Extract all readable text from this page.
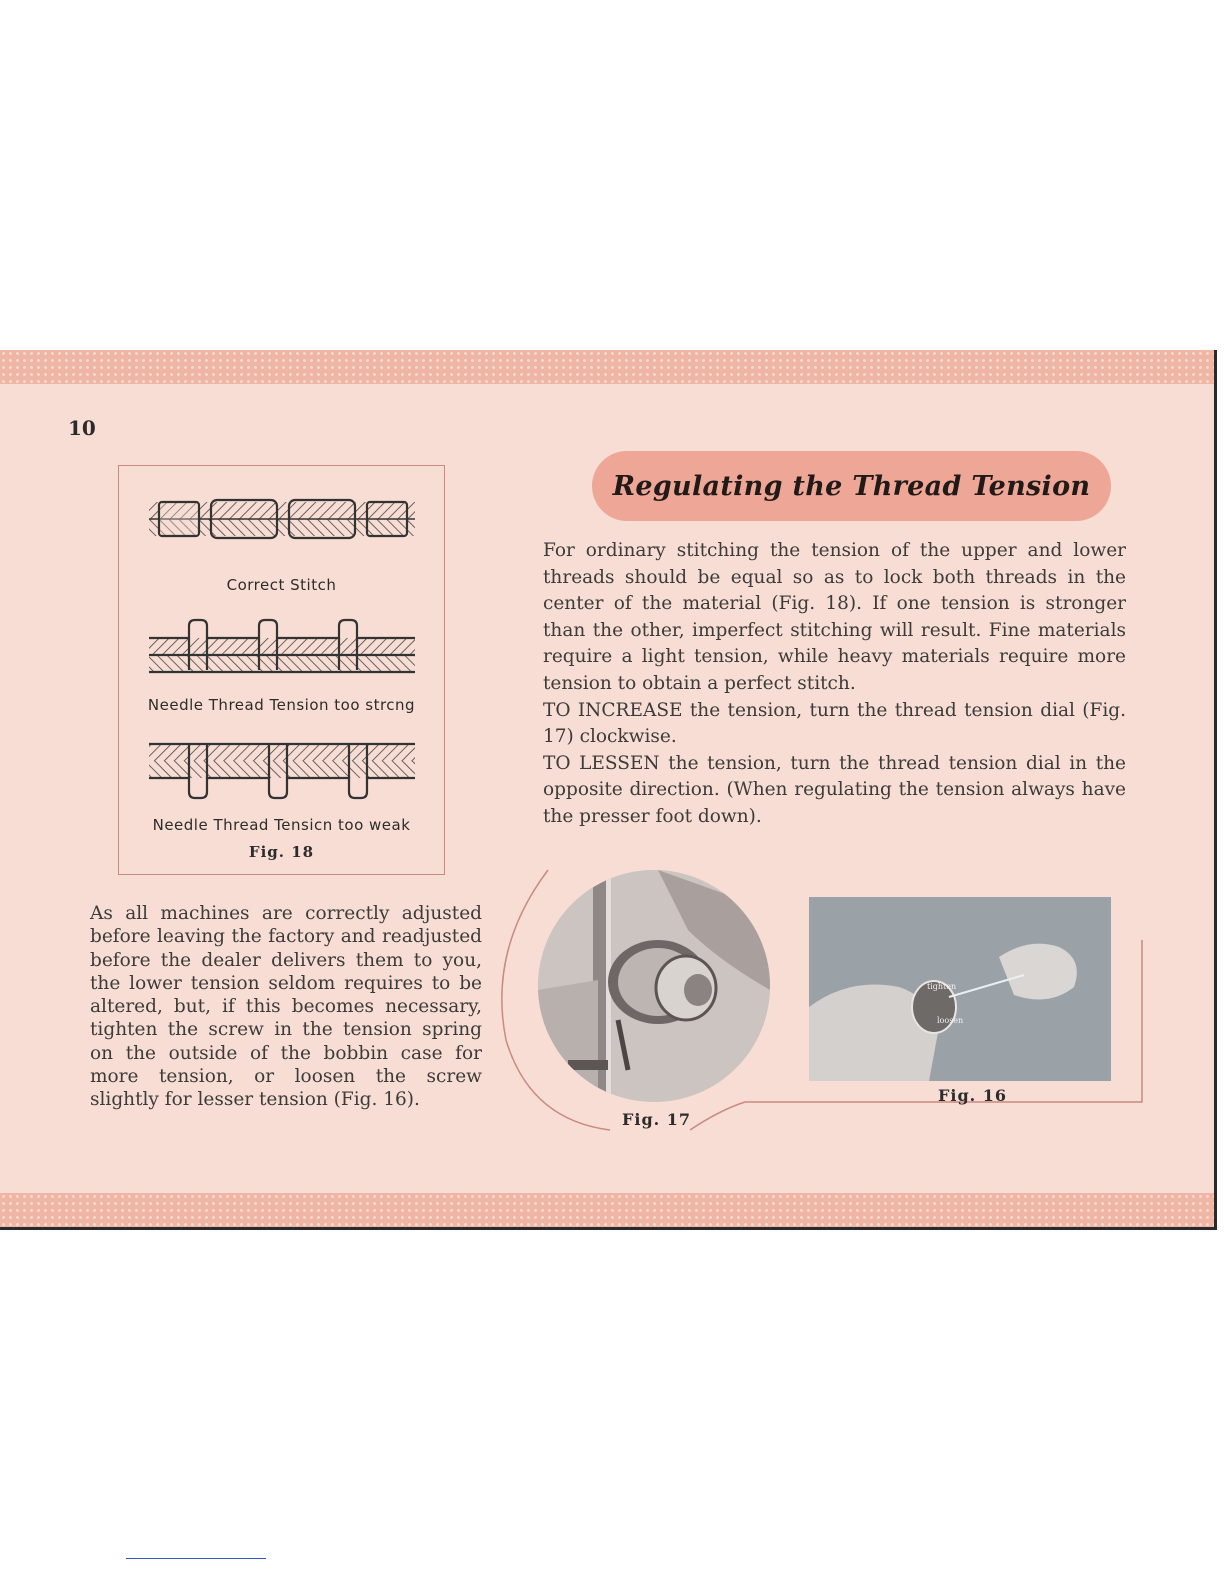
10
Correct Stitch
Needle Thread Tension too strcng
Needle Thread Tensicn too weak
Fig. 18
Regulating the Thread Tension

For ordinary stitching the tension of the upper and lower threads should be equal so as to lock both threads in the center of the material (Fig. 18). If one tension is stronger than the other, imperfect stitching will result. Fine materials require a light tension, while heavy materials require more tension to obtain a perfect stitch.

TO INCREASE the tension, turn the thread tension dial (Fig. 17) clockwise.

TO LESSEN the tension, turn the thread tension dial in the opposite direction. (When regulating the tension always have the presser foot down).

As all machines are correctly adjusted before leaving the factory and readjusted before the dealer delivers them to you, the lower tension seldom requires to be altered, but, if this becomes necessary, tighten the screw in the tension spring on the outside of the bobbin case for more tension, or loosen the screw slightly for lesser tension (Fig. 16).

Fig. 17
tighten
loosen
Fig. 16
